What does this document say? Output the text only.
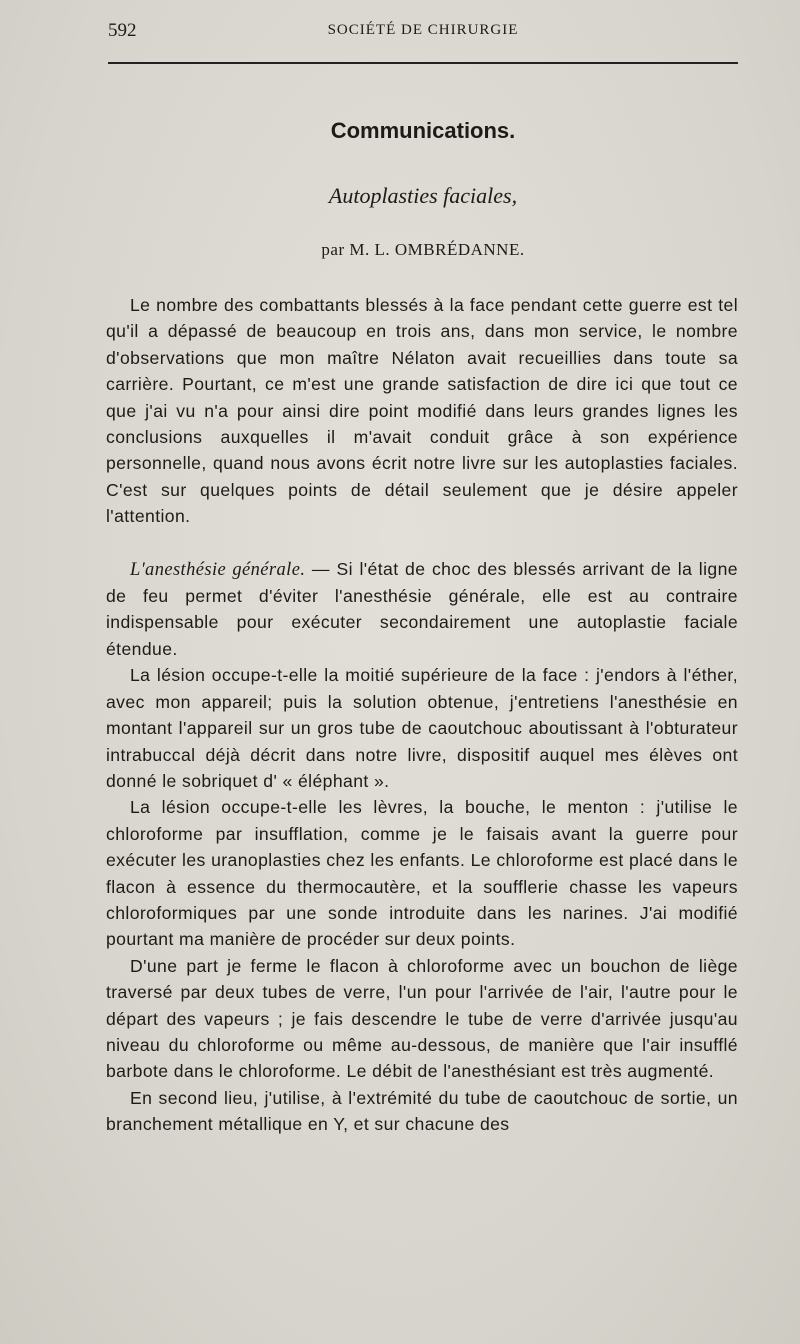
592	SOCIÉTÉ DE CHIRURGIE
Communications.
Autoplasties faciales,
par M. L. OMBRÉDANNE.

Le nombre des combattants blessés à la face pendant cette guerre est tel qu'il a dépassé de beaucoup en trois ans, dans mon service, le nombre d'observations que mon maître Nélaton avait recueillies dans toute sa carrière. Pourtant, ce m'est une grande satisfaction de dire ici que tout ce que j'ai vu n'a pour ainsi dire point modifié dans leurs grandes lignes les conclusions auxquelles il m'avait conduit grâce à son expérience personnelle, quand nous avons écrit notre livre sur les autoplasties faciales. C'est sur quelques points de détail seulement que je désire appeler l'attention.

L'anesthésie générale. — Si l'état de choc des blessés arrivant de la ligne de feu permet d'éviter l'anesthésie générale, elle est au contraire indispensable pour exécuter secondairement une autoplastie faciale étendue.

La lésion occupe-t-elle la moitié supérieure de la face : j'endors à l'éther, avec mon appareil; puis la solution obtenue, j'entretiens l'anesthésie en montant l'appareil sur un gros tube de caoutchouc aboutissant à l'obturateur intrabuccal déjà décrit dans notre livre, dispositif auquel mes élèves ont donné le sobriquet d' « éléphant ».

La lésion occupe-t-elle les lèvres, la bouche, le menton : j'utilise le chloroforme par insufflation, comme je le faisais avant la guerre pour exécuter les uranoplasties chez les enfants. Le chloroforme est placé dans le flacon à essence du thermocautère, et la soufflerie chasse les vapeurs chloroformiques par une sonde introduite dans les narines. J'ai modifié pourtant ma manière de procéder sur deux points.

D'une part je ferme le flacon à chloroforme avec un bouchon de liège traversé par deux tubes de verre, l'un pour l'arrivée de l'air, l'autre pour le départ des vapeurs ; je fais descendre le tube de verre d'arrivée jusqu'au niveau du chloroforme ou même au-dessous, de manière que l'air insufflé barbote dans le chloroforme. Le débit de l'anesthésiant est très augmenté.

En second lieu, j'utilise, à l'extrémité du tube de caoutchouc de sortie, un branchement métallique en Y, et sur chacune des
